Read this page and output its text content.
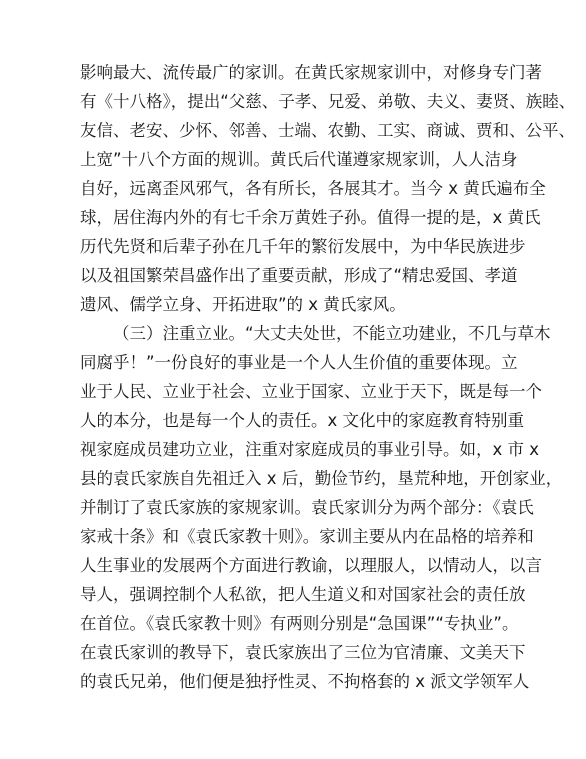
影响最大、流传最广的家训。在黄氏家规家训中，对修身专门著
有《十八格》，提出“父慈、子孝、兄爱、弟敬、夫义、妻贤、族睦、
友信、老安、少怀、邻善、士端、农勤、工实、商诚、贾和、公平、
上宽”十八个方面的规训。黄氏后代谨遵家规家训，人人洁身
自好，远离歪风邪气，各有所长，各展其才。当今 x 黄氏遍布全
球，居住海内外的有七千余万黄姓子孙。值得一提的是，x 黄氏
历代先贤和后辈子孙在几千年的繁衍发展中，为中华民族进步
以及祖国繁荣昌盛作出了重要贡献，形成了“精忠爱国、孝道
遗风、儒学立身、开拓进取”的 x 黄氏家风。
（三）注重立业。“大丈夫处世，不能立功建业，不几与草木
同腐乎！”一份良好的事业是一个人人生价值的重要体现。立
业于人民、立业于社会、立业于国家、立业于天下，既是每一个
人的本分，也是每一个人的责任。x 文化中的家庭教育特别重
视家庭成员建功立业，注重对家庭成员的事业引导。如，x 市 x
县的袁氏家族自先祖迁入 x 后，勤俭节约，垦荒种地，开创家业，
并制订了袁氏家族的家规家训。袁氏家训分为两个部分：《袁氏
家戒十条》和《袁氏家教十则》。家训主要从内在品格的培养和
人生事业的发展两个方面进行教谕，以理服人，以情动人，以言
导人，强调控制个人私欲，把人生道义和对国家社会的责任放
在首位。《袁氏家教十则》有两则分别是“急国课”“专执业”。
在袁氏家训的教导下，袁氏家族出了三位为官清廉、文美天下
的袁氏兄弟，他们便是独抒性灵、不拘格套的 x 派文学领军人
